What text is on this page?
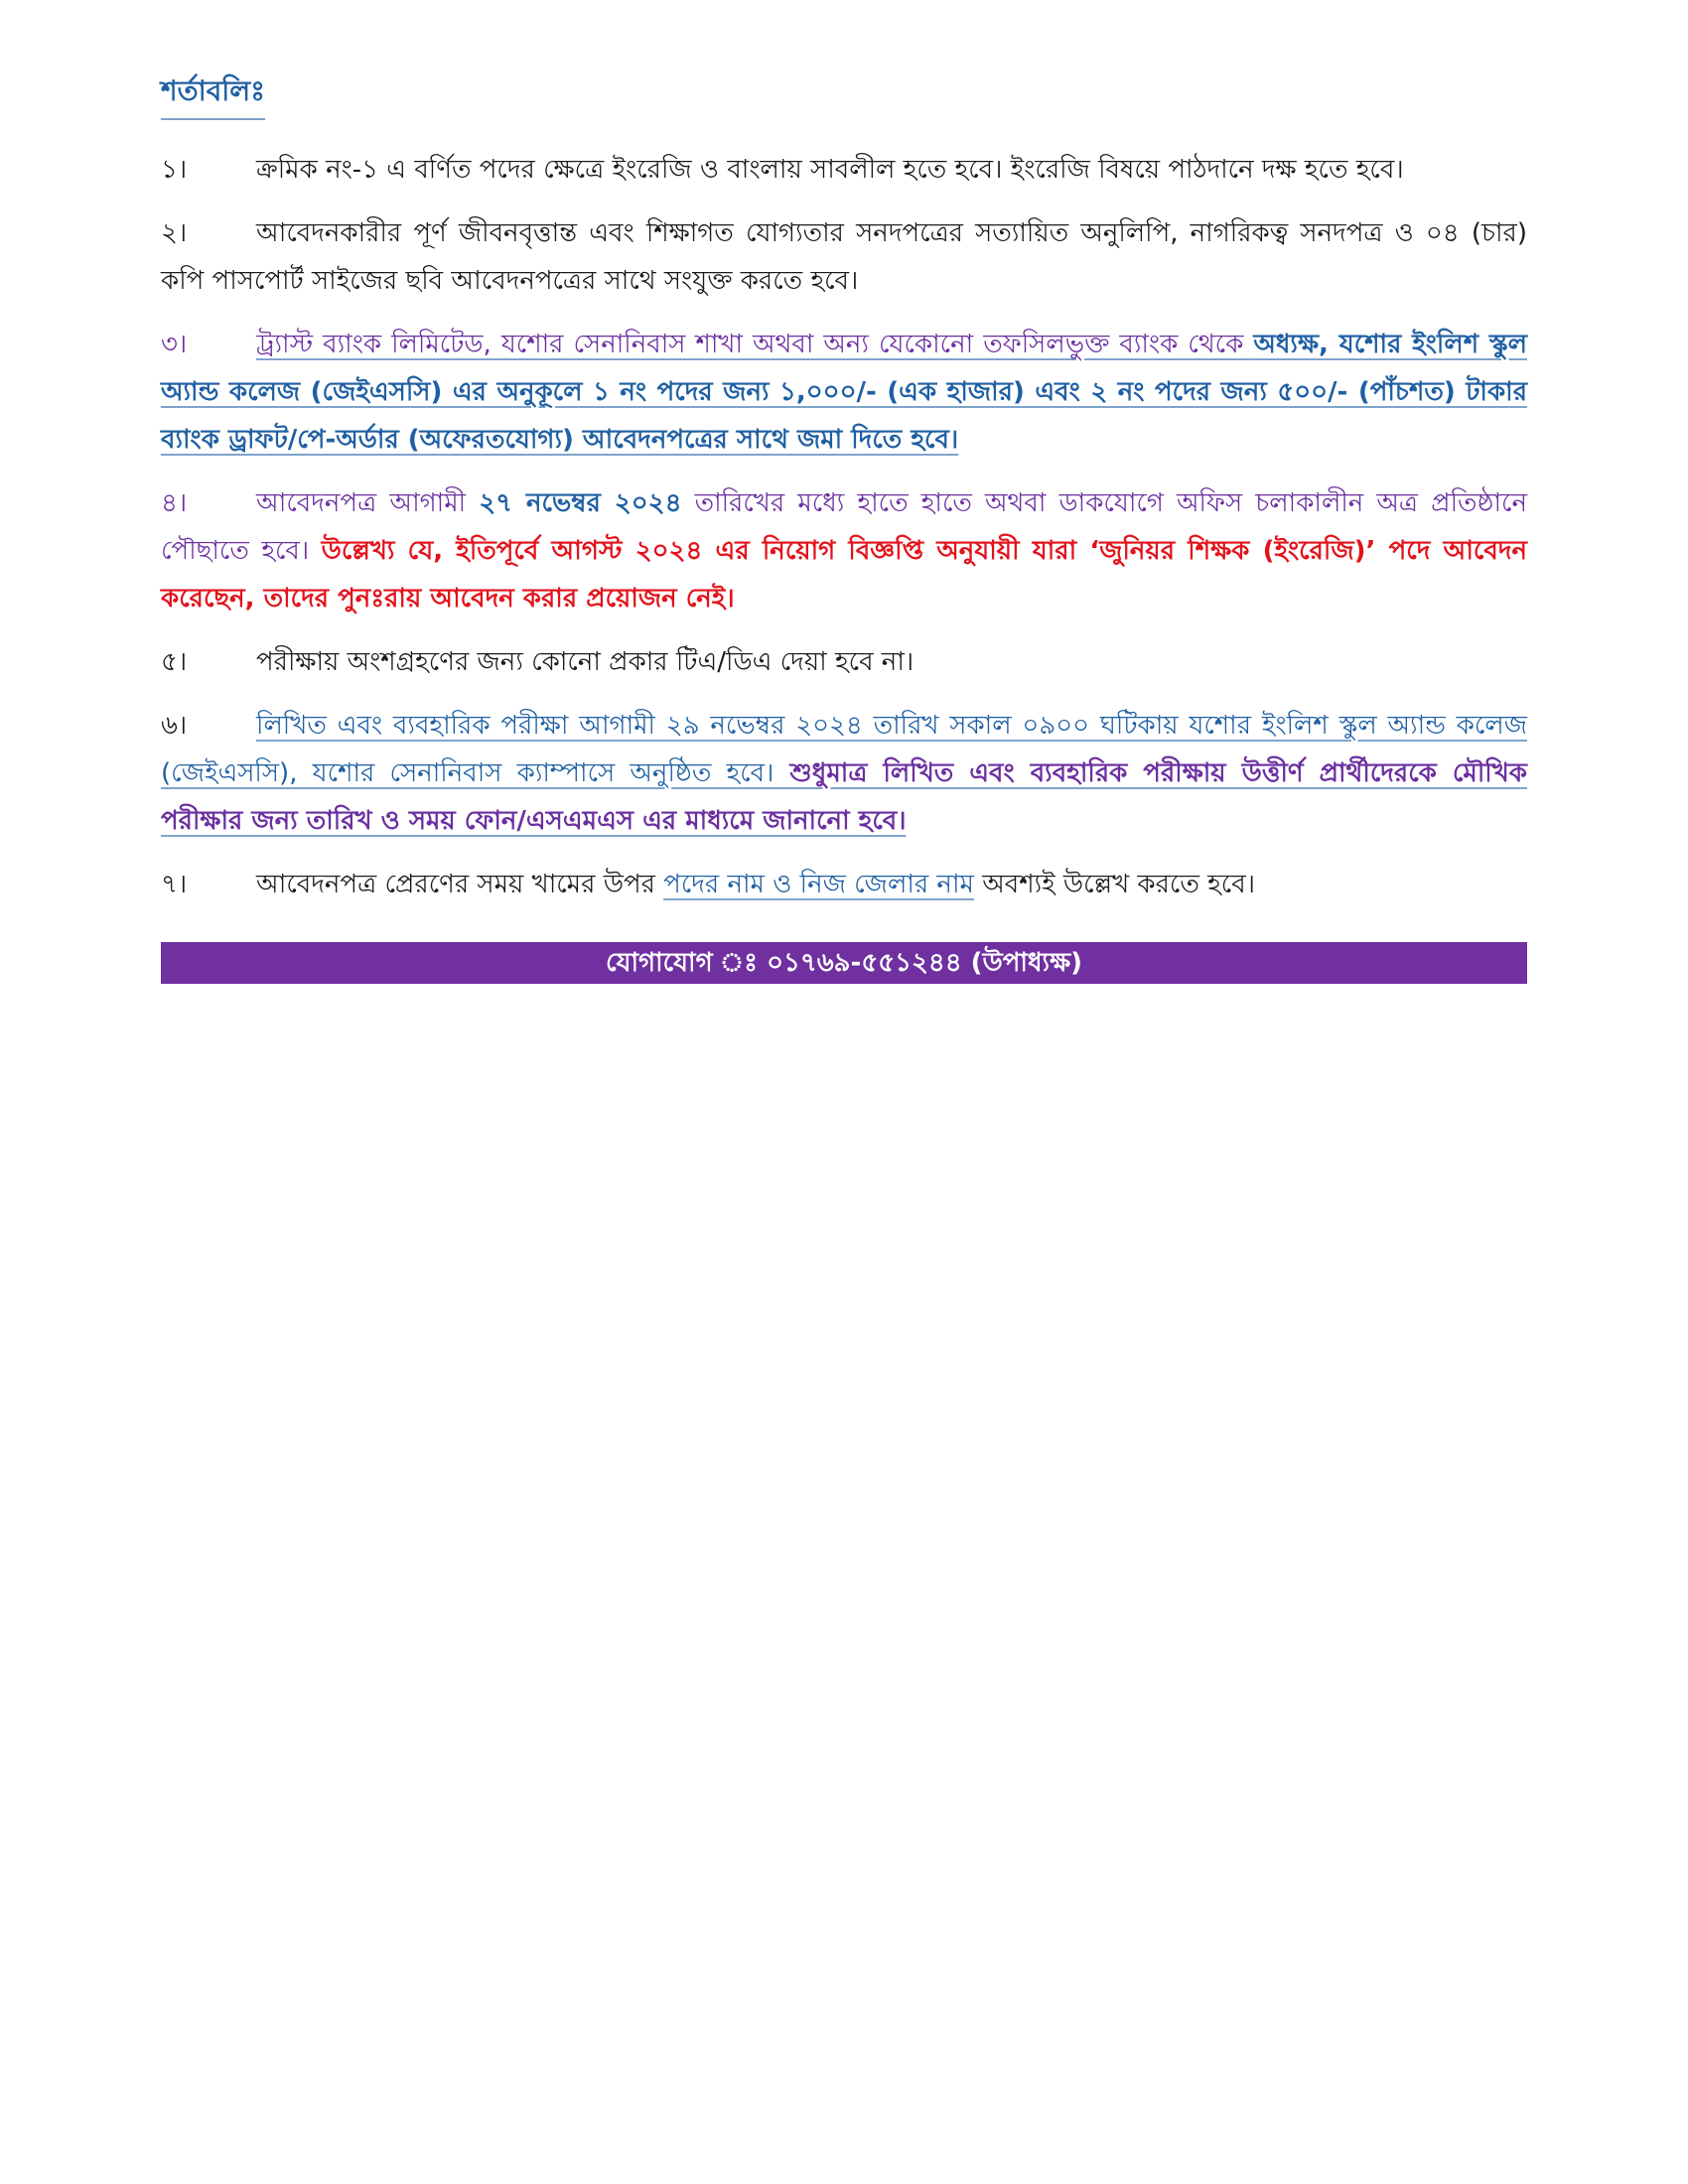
শর্তাবলিঃ
১।	ক্রমিক নং-১ এ বর্ণিত পদের ক্ষেত্রে ইংরেজি ও বাংলায় সাবলীল হতে হবে। ইংরেজি বিষয়ে পাঠদানে দক্ষ হতে হবে।
২।	আবেদনকারীর পূর্ণ জীবনবৃত্তান্ত এবং শিক্ষাগত যোগ্যতার সনদপত্রের সত্যায়িত অনুলিপি, নাগরিকত্ব সনদপত্র ও ০৪ (চার) কপি পাসপোর্ট সাইজের ছবি আবেদনপত্রের সাথে সংযুক্ত করতে হবে।
৩।	ট্র্যাস্ট ব্যাংক লিমিটেড, যশোর সেনানিবাস শাখা অথবা অন্য যেকোনো তফসিলভুক্ত ব্যাংক থেকে অধ্যক্ষ, যশোর ইংলিশ স্কুল অ্যান্ড কলেজ (জেইএসসি) এর অনুকূলে ১ নং পদের জন্য ১,০০০/- (এক হাজার) এবং ২ নং পদের জন্য ৫০০/- (পাঁচশত) টাকার ব্যাংক ড্রাফট/পে-অর্ডার (অফেরতযোগ্য) আবেদনপত্রের সাথে জমা দিতে হবে।
৪।	আবেদনপত্র আগামী ২৭ নভেম্বর ২০২৪ তারিখের মধ্যে হাতে হাতে অথবা ডাকযোগে অফিস চলাকালীন অত্র প্রতিষ্ঠানে পৌছাতে হবে। উল্লেখ্য যে, ইতিপূর্বে আগস্ট ২০২৪ এর নিয়োগ বিজ্ঞপ্তি অনুযায়ী যারা ‘জুনিয়র শিক্ষক (ইংরেজি)’ পদে আবেদন করেছেন, তাদের পুনঃরায় আবেদন করার প্রয়োজন নেই।
৫।	পরীক্ষায় অংশগ্রহণের জন্য কোনো প্রকার টিএ/ডিএ দেয়া হবে না।
৬।	লিখিত এবং ব্যবহারিক পরীক্ষা আগামী ২৯ নভেম্বর ২০২৪ তারিখ সকাল ০৯০০ ঘটিকায় যশোর ইংলিশ স্কুল অ্যান্ড কলেজ (জেইএসসি), যশোর সেনানিবাস ক্যাম্পাসে অনুষ্ঠিত হবে। শুধুমাত্র লিখিত এবং ব্যবহারিক পরীক্ষায় উত্তীর্ণ প্রার্থীদেরকে মৌখিক পরীক্ষার জন্য তারিখ ও সময় ফোন/এসএমএস এর মাধ্যমে জানানো হবে।
৭।	আবেদনপত্র প্রেরণের সময় খামের উপর পদের নাম ও নিজ জেলার নাম অবশ্যই উল্লেখ করতে হবে।
যোগাযোগ ঃ ০১৭৬৯-৫৫১২৪৪ (উপাধ্যক্ষ)
